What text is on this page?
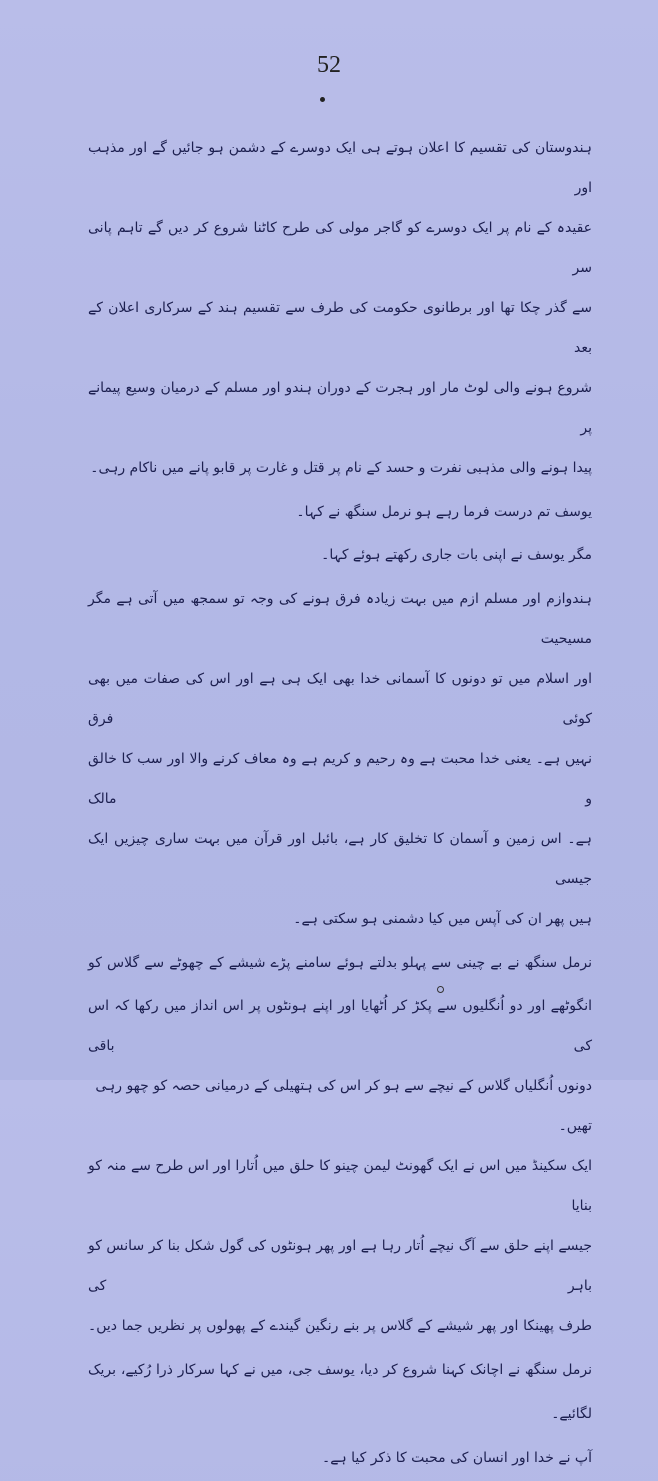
52
ہندوستان کی تقسیم کا اعلان ہوتے ہی ایک دوسرے کے دشمن ہو جائیں گے اور مذہب اور
عقیدہ کے نام پر ایک دوسرے کو گاجر مولی کی طرح کاٹنا شروع کر دیں گے تاہم پانی سر
سے گذر چکا تھا اور برطانوی حکومت کی طرف سے تقسیم ہند کے سرکاری اعلان کے بعد
شروع ہونے والی لوٹ مار اور ہجرت کے دوران ہندو اور مسلم کے درمیان وسیع پیمانے پر
پیدا ہونے والی مذہبی نفرت و حسد کے نام پر قتل و غارت پر قابو پانے میں ناکام رہی۔
یوسف تم درست فرما رہے ہو نرمل سنگھ نے کہا۔
مگر یوسف نے اپنی بات جاری رکھتے ہوئے کہا۔
ہندوازم اور مسلم ازم میں بہت زیادہ فرق ہونے کی وجہ تو سمجھ میں آتی ہے مگر مسیحیت
اور اسلام میں تو دونوں کا آسمانی خدا بھی ایک ہی ہے اور اس کی صفات میں بھی کوئی فرق
نہیں ہے۔ یعنی خدا محبت ہے وہ رحیم و کریم ہے وہ معاف کرنے والا اور سب کا خالق و مالک
ہے۔ اس زمین و آسمان کا تخلیق کار ہے، بائبل اور قرآن میں بہت ساری چیزیں ایک جیسی
ہیں پھر ان کی آپس میں کیا دشمنی ہو سکتی ہے۔
نرمل سنگھ نے بے چینی سے پہلو بدلتے ہوئے سامنے پڑے شیشے کے چھوٹے سے گلاس کو
انگوٹھے اور دو اُنگلیوں سے پکڑ کر اُٹھایا اور اپنے ہونٹوں پر اس انداز میں رکھا کہ اس کی باقی
دونوں اُنگلیاں گلاس کے نیچے سے ہو کر اس کی ہتھیلی کے درمیانی حصہ کو چھو رہی تھیں۔
ایک سکینڈ میں اس نے ایک گھونٹ لیمن چینو کا حلق میں اُتارا اور اس طرح سے منہ کو بنایا
جیسے اپنے حلق سے آگ نیچے اُتار رہا ہے اور پھر ہونٹوں کی گول شکل بنا کر سانس کو باہر کی
طرف پھینکا اور پھر شیشے کے گلاس پر بنے رنگین گیندے کے پھولوں پر نظریں جما دیں۔
نرمل سنگھ نے اچانک کہنا شروع کر دیا، یوسف جی، میں نے کہا سرکار ذرا رُکیے، بریک
لگائیے۔
آپ نے خدا اور انسان کی محبت کا ذکر کیا ہے۔
